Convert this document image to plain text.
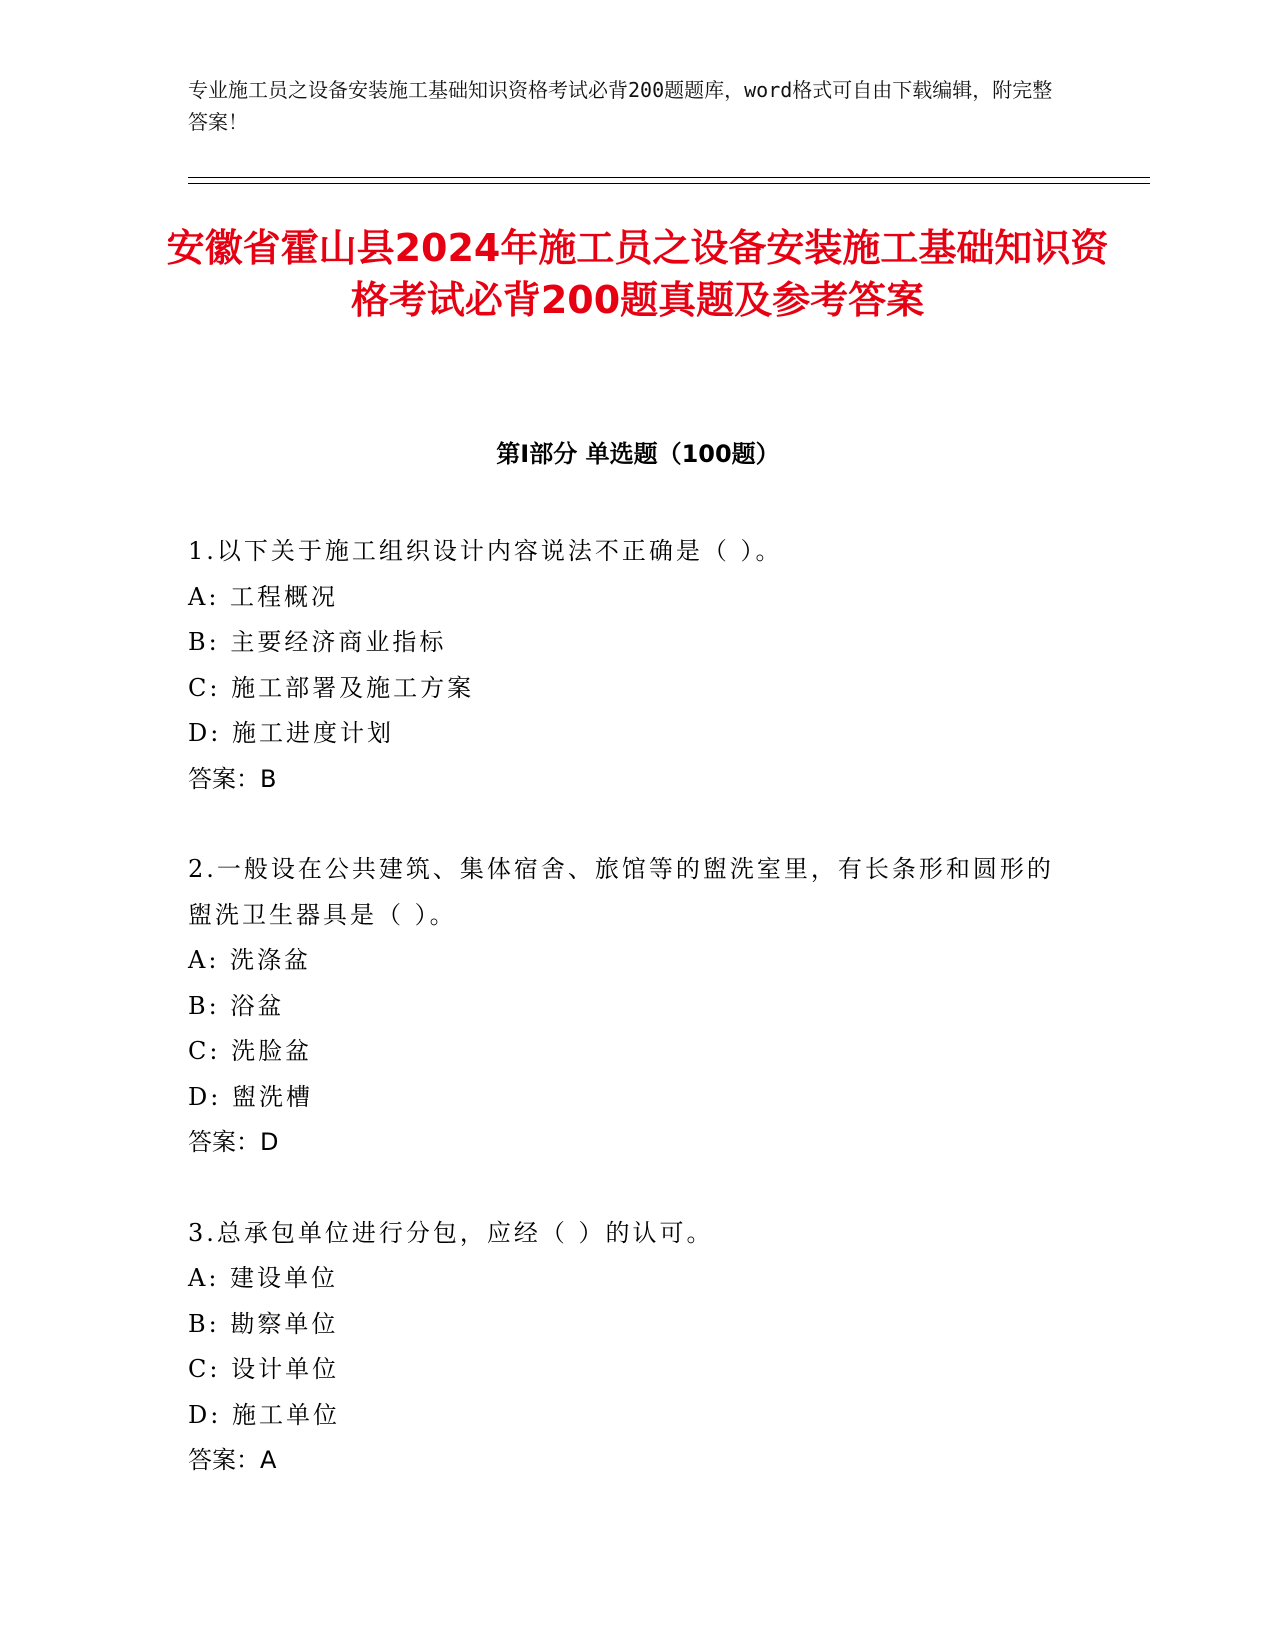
专业施工员之设备安装施工基础知识资格考试必背200题题库，word格式可自由下载编辑，附完整答案！
安徽省霍山县2024年施工员之设备安装施工基础知识资格考试必背200题真题及参考答案
第Ⅰ部分 单选题（100题）
1.以下关于施工组织设计内容说法不正确是（ ）。
A: 工程概况
B: 主要经济商业指标
C: 施工部署及施工方案
D: 施工进度计划
答案：B
2.一般设在公共建筑、集体宿舍、旅馆等的盥洗室里，有长条形和圆形的盥洗卫生器具是（ ）。
A: 洗涤盆
B: 浴盆
C: 洗脸盆
D: 盥洗槽
答案：D
3.总承包单位进行分包，应经（ ）的认可。
A: 建设单位
B: 勘察单位
C: 设计单位
D: 施工单位
答案：A
